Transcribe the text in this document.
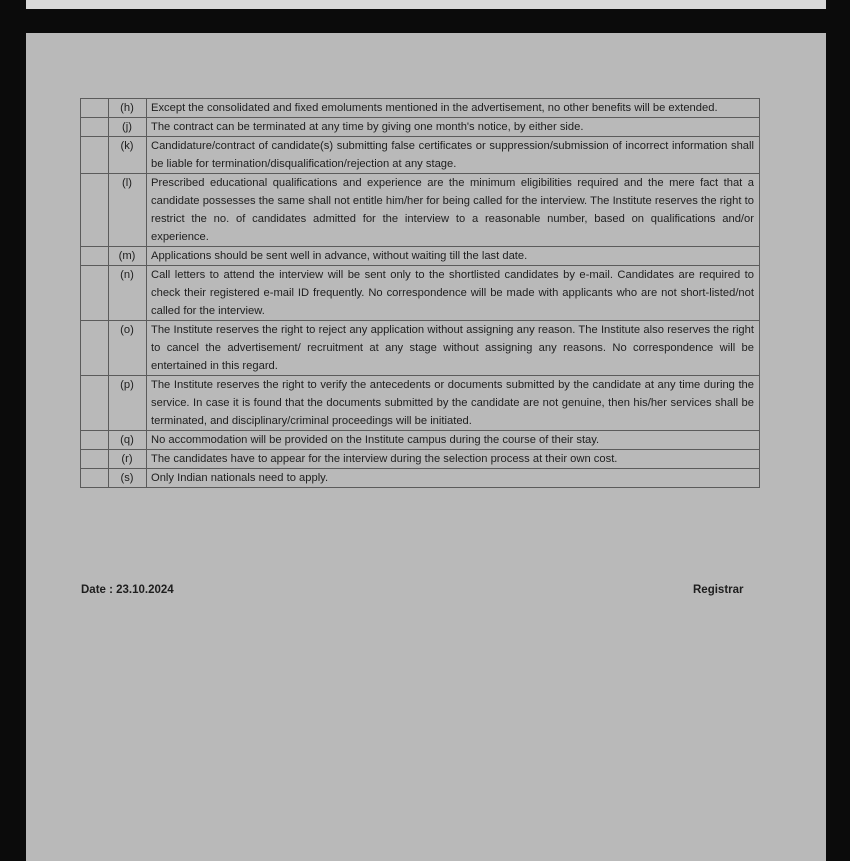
	(h)	Except the consolidated and fixed emoluments mentioned in the advertisement, no other benefits will be extended.
	(j)	The contract can be terminated at any time by giving one month's notice, by either side.
	(k)	Candidature/contract of candidate(s) submitting false certificates or suppression/submission of incorrect information shall be liable for termination/disqualification/rejection at any stage.
	(l)	Prescribed educational qualifications and experience are the minimum eligibilities required and the mere fact that a candidate possesses the same shall not entitle him/her for being called for the interview. The Institute reserves the right to restrict the no. of candidates admitted for the interview to a reasonable number, based on qualifications and/or experience.
	(m)	Applications should be sent well in advance, without waiting till the last date.
	(n)	Call letters to attend the interview will be sent only to the shortlisted candidates by e-mail. Candidates are required to check their registered e-mail ID frequently. No correspondence will be made with applicants who are not short-listed/not called for the interview.
	(o)	The Institute reserves the right to reject any application without assigning any reason. The Institute also reserves the right to cancel the advertisement/ recruitment at any stage without assigning any reasons. No correspondence will be entertained in this regard.
	(p)	The Institute reserves the right to verify the antecedents or documents submitted by the candidate at any time during the service. In case it is found that the documents submitted by the candidate are not genuine, then his/her services shall be terminated, and disciplinary/criminal proceedings will be initiated.
	(q)	No accommodation will be provided on the Institute campus during the course of their stay.
	(r)	The candidates have to appear for the interview during the selection process at their own cost.
	(s)	Only Indian nationals need to apply.
Date : 23.10.2024	Registrar
